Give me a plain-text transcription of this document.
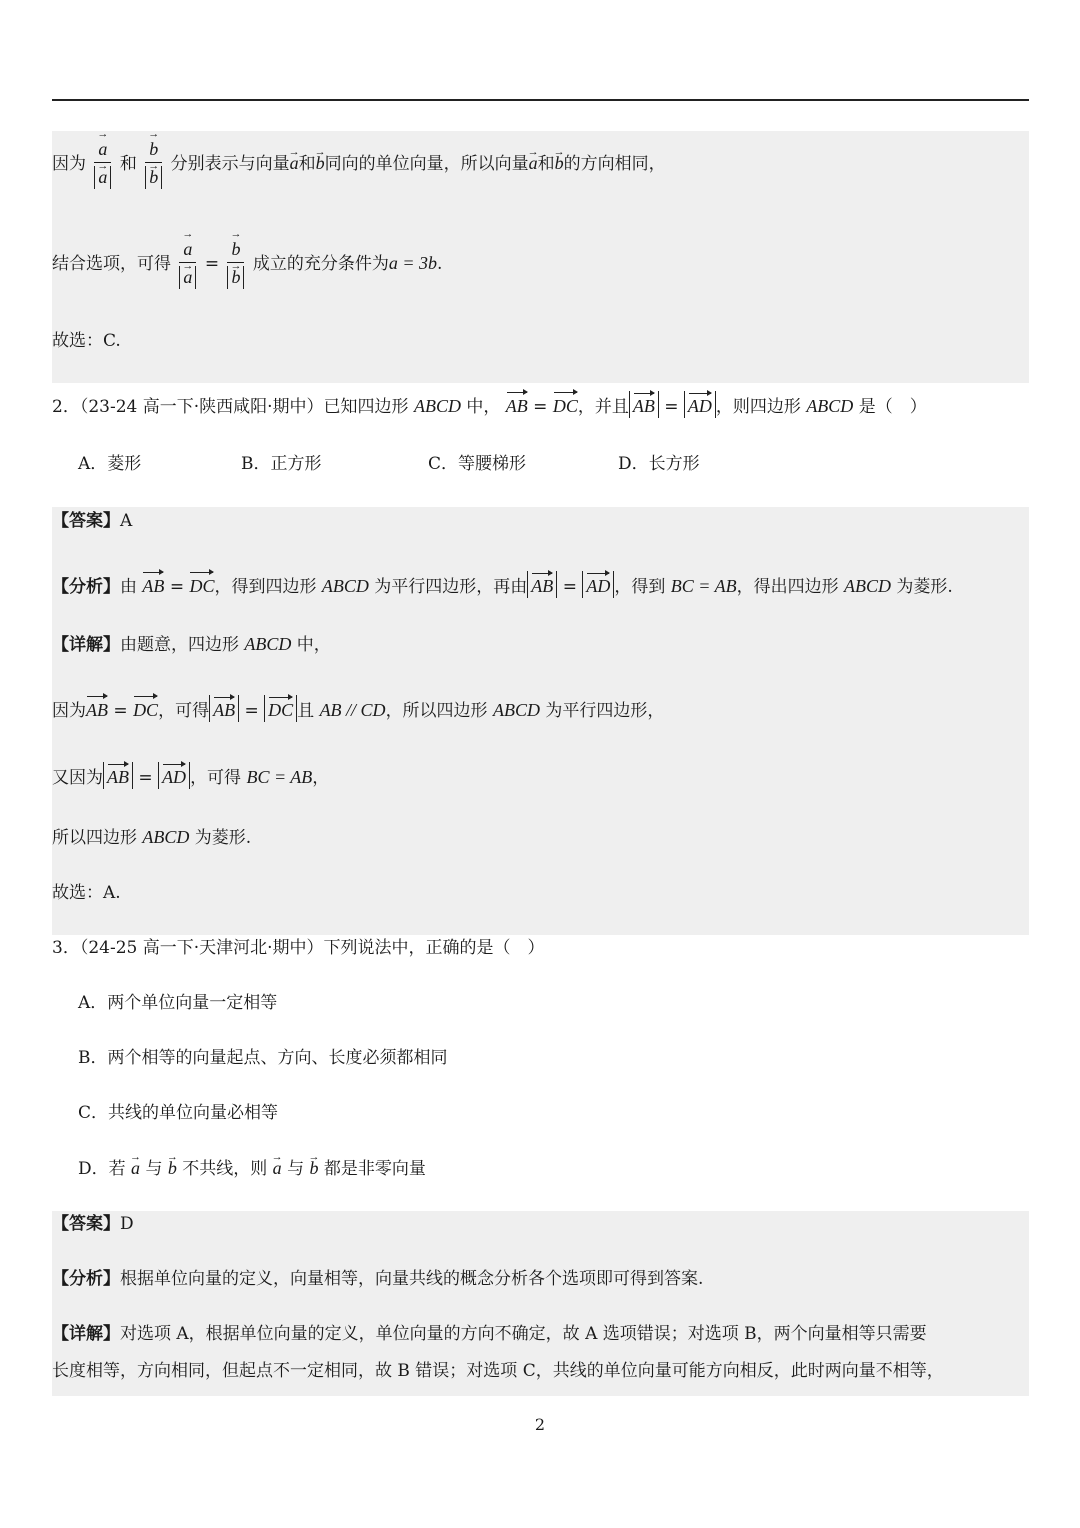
因为 → a
→ a 和 → b
→ b 分别表示与向量→ a和→ b同向的单位向量，所以向量→ a和→ b的方向相同，
结合选项，可得 → a
→ a = → b
→ b 成立的充分条件为a = 3b.
故选：C.
2．（23-24 高一下·陕西咸阳·期中）已知四边形 ABCD 中， AB = DC，并且 AB = AD ，则四边形 ABCD 是（　）
A．菱形	B．正方形	C．等腰梯形	D．长方形
【答案】A
【分析】由 AB = DC，得到四边形 ABCD 为平行四边形，再由 AB = AD ，得到 BC = AB，得出四边形 ABCD 为菱形.
【详解】由题意，四边形 ABCD 中，
因为AB = DC，可得 AB = DC 且 AB // CD，所以四边形 ABCD 为平行四边形，
又因为 AB = AD ，可得 BC = AB，
所以四边形 ABCD 为菱形.
故选：A.
3．（24-25 高一下·天津河北·期中）下列说法中，正确的是（　）
A．两个单位向量一定相等
B．两个相等的向量起点、方向、长度必须都相同
C．共线的单位向量必相等
D．若 → a 与 → b 不共线，则 → a 与 → b 都是非零向量
【答案】D
【分析】根据单位向量的定义，向量相等，向量共线的概念分析各个选项即可得到答案.
【详解】对选项 A，根据单位向量的定义，单位向量的方向不确定，故 A 选项错误；对选项 B，两个向量相等只需要
长度相等，方向相同，但起点不一定相同，故 B 错误；对选项 C，共线的单位向量可能方向相反，此时两向量不相等，
2
